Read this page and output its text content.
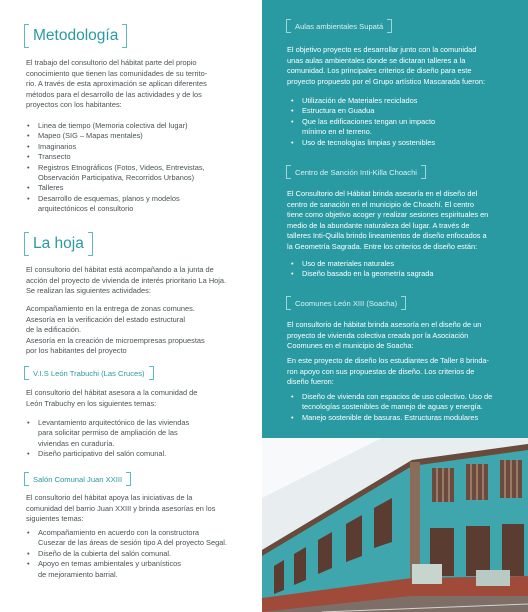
Metodología
El trabajo del consultorio del hábitat parte del propio
conocimiento que tienen las comunidades de su territo-
rio. A través de esta aproximación se aplican diferentes
métodos para el desarrollo de las actividades y de los
proyectos con los habitantes:
• Linea de tiempo (Memoria colectiva del lugar)
• Mapeo (SIG – Mapas mentales)
• Imaginarios
• Transecto
• Registros Etnográficos (Fotos, Videos, Entrevistas,
Observación Participativa, Recorridos Urbanos)
• Talleres
• Desarrollo de esquemas, planos y modelos
arquitectónicos el consultorio
La hoja
El consultorio del hábitat está acompañando a la junta de
acción del proyecto de vivienda de interés prioritario La Hoja.
Se realizan las siguientes actividades:
Acompañamiento en la entrega de zonas comunes.
Asesoría en la verificación del estado estructural
de la edificación.
Asesoría en la creación de microempresas propuestas
por los habitantes del proyecto
V.I.S León Trabuchi (Las Cruces)
El consultorio del hábitat asesora a la comunidad de
León Trabuchy en los siguientes temas:
• Levantamiento arquitectónico de las viviendas
para solicitar permiso de ampliación de las
viviendas en curaduría.
• Diseño participativo del salón comunal.
Salón Comunal Juan XXIII
El consultorio del hábitat apoya las iniciativas de la
comunidad del barrio Juan XXIII y brinda asesorías en los
siguientes temas:
• Acompañamiento en acuerdo con la constructora
Cusezar de las áreas de sesión tipo A del proyecto Segal.
• Diseño de la cubierta del salón comunal.
• Apoyo en temas ambientales y urbanísticos
de mejoramiento barrial.
Aulas ambientales Supatá
El objetivo proyecto es desarrollar junto con la comunidad
unas aulas ambientales donde se dictaran talleres a la
comunidad. Los principales criterios de diseño para este
proyecto propuesto por el Grupo artístico Mascarada fueron:
• Utilización de Materiales reciclados
• Estructura en Guadua
• Que las edificaciones tengan un impacto
mínimo en el terreno.
• Uso de tecnologías limpias y sostenibles
Centro de Sanción Inti-Killa Choachi
El Consultorio del Hábitat brinda asesoría en el diseño del
centro de sanación en el municipio de Choachí. El centro
tiene como objetivo acoger y realizar sesiones espirituales en
medio de la abundante naturaleza del lugar. A través de
talleres Inti-Quilla brindo lineamientos de diseño enfocados a
la Geometría Sagrada. Entre los criterios de diseño están:
• Uso de materiales naturales
• Diseño basado en la geometría sagrada
Coomunes León XIII (Soacha)
El consultorio de hábitat brinda asesoría en el diseño de un
proyecto de vivienda colectiva creada por la Asociación
Coomunes en el municipio de Soacha:
En este proyecto de diseño los estudiantes de Taller 8 brinda-
ron apoyo con sus propuestas de diseño. Los criterios de
diseño fueron:
• Diseño de vivienda con espacios de uso colectivo. Uso de
tecnologías sostenibles de manejo de aguas y energía.
• Manejo sostenible de basuras. Estructuras modulares
